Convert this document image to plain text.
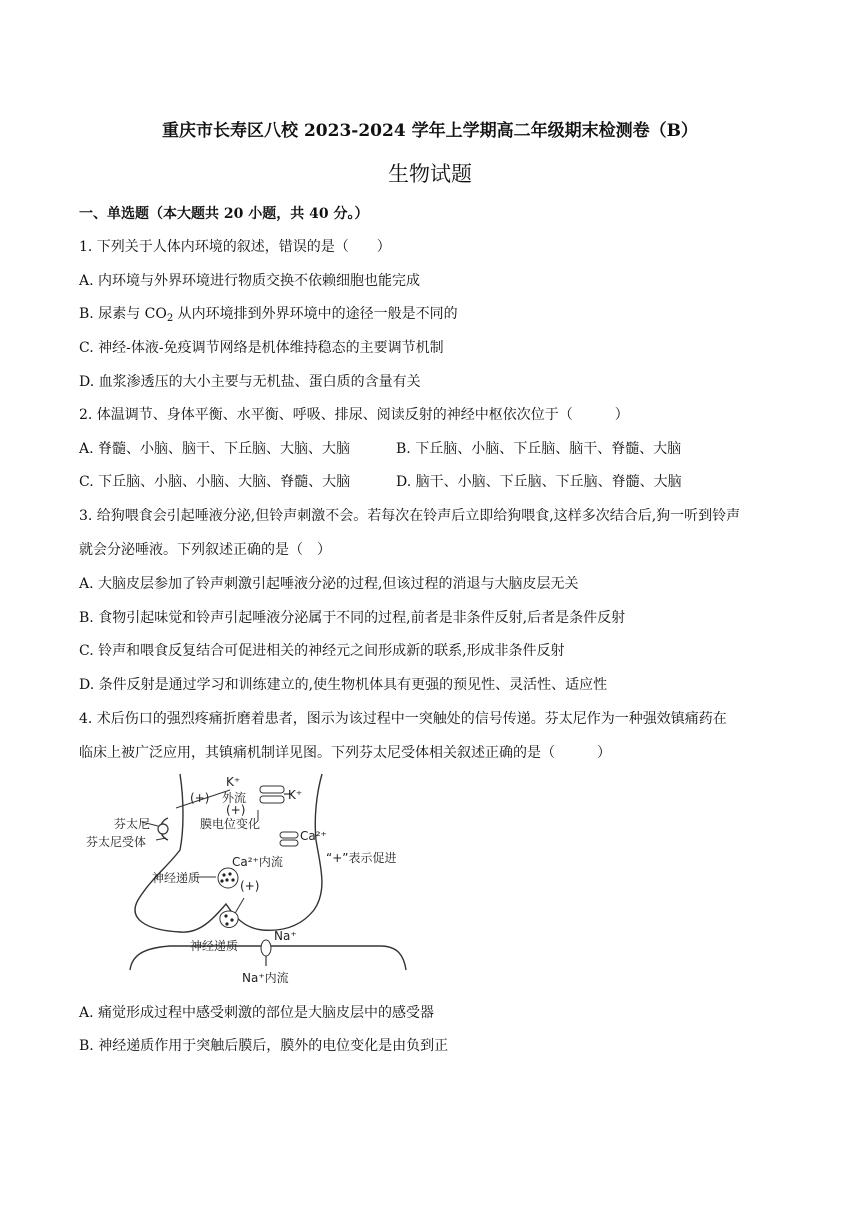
重庆市长寿区八校 2023-2024 学年上学期高二年级期末检测卷（B）
生物试题
一、单选题（本大题共 20 小题，共 40 分。）
1. 下列关于人体内环境的叙述，错误的是（　　）
A. 内环境与外界环境进行物质交换不依赖细胞也能完成
B. 尿素与 $CO_2$ 从内环境排到外界环境中的途径一般是不同的
C. 神经-体液-免疫调节网络是机体维持稳态的主要调节机制
D. 血浆渗透压的大小主要与无机盐、蛋白质的含量有关
2. 体温调节、身体平衡、水平衡、呼吸、排尿、阅读反射的神经中枢依次位于（　　　）
A. 脊髓、小脑、脑干、下丘脑、大脑、大脑	B. 下丘脑、小脑、下丘脑、脑干、脊髓、大脑
C. 下丘脑、小脑、小脑、大脑、脊髓、大脑	D. 脑干、小脑、下丘脑、下丘脑、脊髓、大脑
3. 给狗喂食会引起唾液分泌,但铃声刺激不会。若每次在铃声后立即给狗喂食,这样多次结合后,狗一听到铃声
就会分泌唾液。下列叙述正确的是（　）
A. 大脑皮层参加了铃声刺激引起唾液分泌的过程,但该过程的消退与大脑皮层无关
B. 食物引起味觉和铃声引起唾液分泌属于不同的过程,前者是非条件反射,后者是条件反射
C. 铃声和喂食反复结合可促进相关的神经元之间形成新的联系,形成非条件反射
D. 条件反射是通过学习和训练建立的,使生物机体具有更强的预见性、灵活性、适应性
4. 术后伤口的强烈疼痛折磨着患者，图示为该过程中一突触处的信号传递。芬太尼作为一种强效镇痛药在
临床上被广泛应用，其镇痛机制详见图。下列芬太尼受体相关叙述正确的是（　　　）
K⁺
K⁺
(+) 外流
(+)
膜电位变化
芬太尼
芬太尼受体	Ca²⁺
Ca²⁺内流	“+”表示促进
神经递质
(+)
神经递质
Na⁺
Na⁺内流
A. 痛觉形成过程中感受刺激的部位是大脑皮层中的感受器
B. 神经递质作用于突触后膜后，膜外的电位变化是由负到正
